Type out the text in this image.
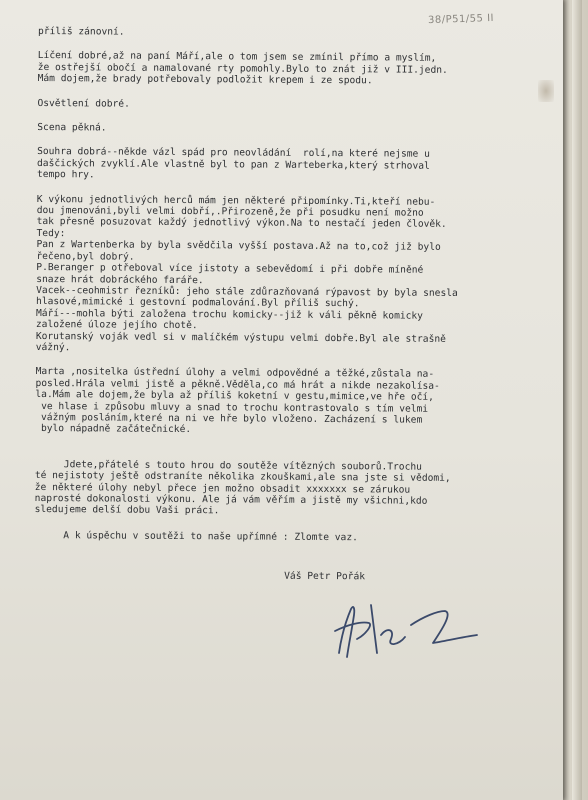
38/P51/55 II

příliš zánovní.

Líčení dobré,až na paní Máří,ale o tom jsem se zmínil přímo a myslím,

že ostřejší obočí a namalované rty pomohly.Bylo to znát již v III.jedn.

Mám dojem,že brady potřebovaly podložit krepem i ze spodu.

Osvětlení dobré.

Scena pěkná.

Souhra dobrá--někde vázl spád pro neovládání  rolí,na které nejsme u

daščických zvyklí.Ale vlastně byl to pan z Warteberka,který strhoval

tempo hry.

K výkonu jednotlivých herců mám jen některé připomínky.Ti,kteří nebu-

dou jmenováni,byli velmi dobří,.Přirozeně,že při posudku není možno

tak přesně posuzovat každý jednotlivý výkon.Na to nestačí jeden člověk.

Tedy:

Pan z Wartenberka by byla svědčila vyšší postava.Až na to,což již bylo

řečeno,byl dobrý.

P.Beranger p otřeboval více jistoty a sebevědomí i při dobře míněné

snaze hrát dobráckého faráře.

Vacek--ceohmistr řezníků: jeho stále zdůrazňovaná rýpavost by byla snesla

hlasové,mimické i gestovní podmalování.Byl příliš suchý.

Máří---mohla býti založena trochu komicky--již k váli pěkně komicky

založené úloze jejího chotě.

Korutanský voják vedl si v malíčkém výstupu velmi dobře.Byl ale strašně

vážný.

Marta ,nositelka ústřední úlohy a velmi odpovědné a těžké,zůstala na-

posled.Hrála velmi jistě a pěkně.Věděla,co má hrát a nikde nezakolísa-

la.Mám ale dojem,že byla až příliš koketní v gestu,mimice,ve hře očí,

ve hlase i způsobu mluvy a snad to trochu kontrastovalo s tím velmi

vážným posláním,které na ni ve hře bylo vloženo. Zacházení s lukem

bylo nápadně začátečnické.

Jdete,přátelé s touto hrou do soutěže vítězných souborů.Trochu

té nejistoty ještě odstraníte několika zkouškami,ale sna jste si vědomi,

že některé úlohy nebyl přece jen možno obsadit xxxxxxx se zárukou

naprosté dokonalosti výkonu. Ale já vám věřím a jistě my všichni,kdo

sledujeme delší dobu Vaši práci.

A k úspěchu v soutěži to naše upřímné : Zlomte vaz.

Váš Petr Pořák
